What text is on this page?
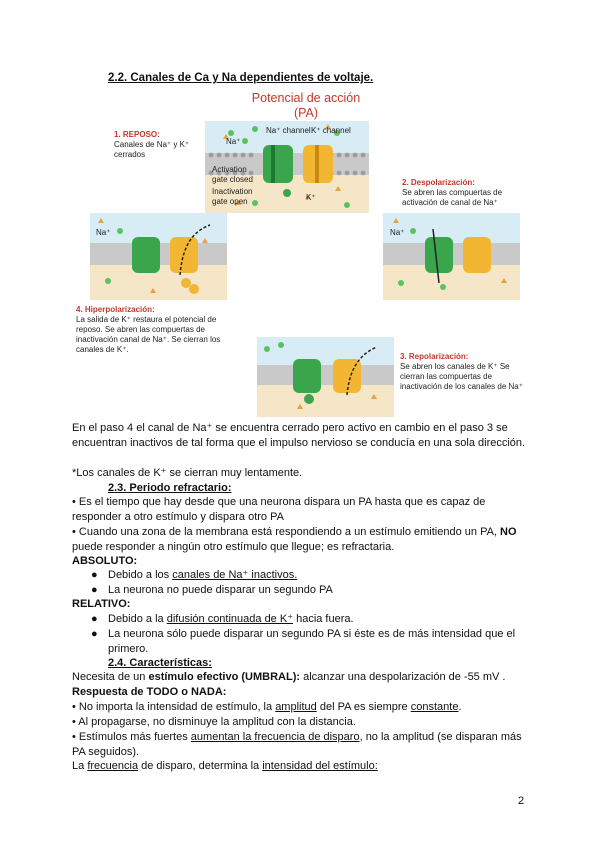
2.2. Canales de Ca y Na dependientes de voltaje.
Potencial de acción
(PA)
1. REPOSO:
Canales de Na⁺ y K⁺ cerrados
Na⁺ channel K⁺ channel
Na⁺
Activation gate closed
Inactivation gate open	K⁺
2. Despolarización:
Se abren las compuertas de activación de canal de Na⁺
Na⁺	Na⁺
4. Hiperpolarización:
La salida de K⁺ restaura el potencial de reposo. Se abren las compuertas de inactivación canal de Na⁺. Se cierran los canales de K⁺.
3. Repolarización:
Se abren los canales de K⁺ Se cierran las compuertas de inactivación de los canales de Na⁺
En el paso 4 el canal de Na⁺ se encuentra cerrado pero activo en cambio en el paso 3 se encuentran inactivos de tal forma que el impulso nervioso se conducía en una sola dirección.
*Los canales de K⁺ se cierran muy lentamente.
2.3. Periodo refractario:
• Es el tiempo que hay desde que una neurona dispara un PA hasta que es capaz de responder a otro estímulo y dispara otro PA
• Cuando una zona de la membrana está respondiendo a un estímulo emitiendo un PA, NO puede responder a ningún otro estímulo que llegue; es refractaria.
ABSOLUTO:
● Debido a los canales de Na⁺ inactivos.
● La neurona no puede disparar un segundo PA
RELATIVO:
● Debido a la difusión continuada de K⁺ hacia fuera.
● La neurona sólo puede disparar un segundo PA si éste es de más intensidad que el primero.
2.4. Características:
Necesita de un estímulo efectivo (UMBRAL): alcanzar una despolarización de -55 mV .
Respuesta de TODO o NADA:
• No importa la intensidad de estímulo, la amplitud del PA es siempre constante.
• Al propagarse, no disminuye la amplitud con la distancia.
• Estímulos más fuertes aumentan la frecuencia de disparo, no la amplitud (se disparan más PA seguidos).
La frecuencia de disparo, determina la intensidad del estímulo:
2
